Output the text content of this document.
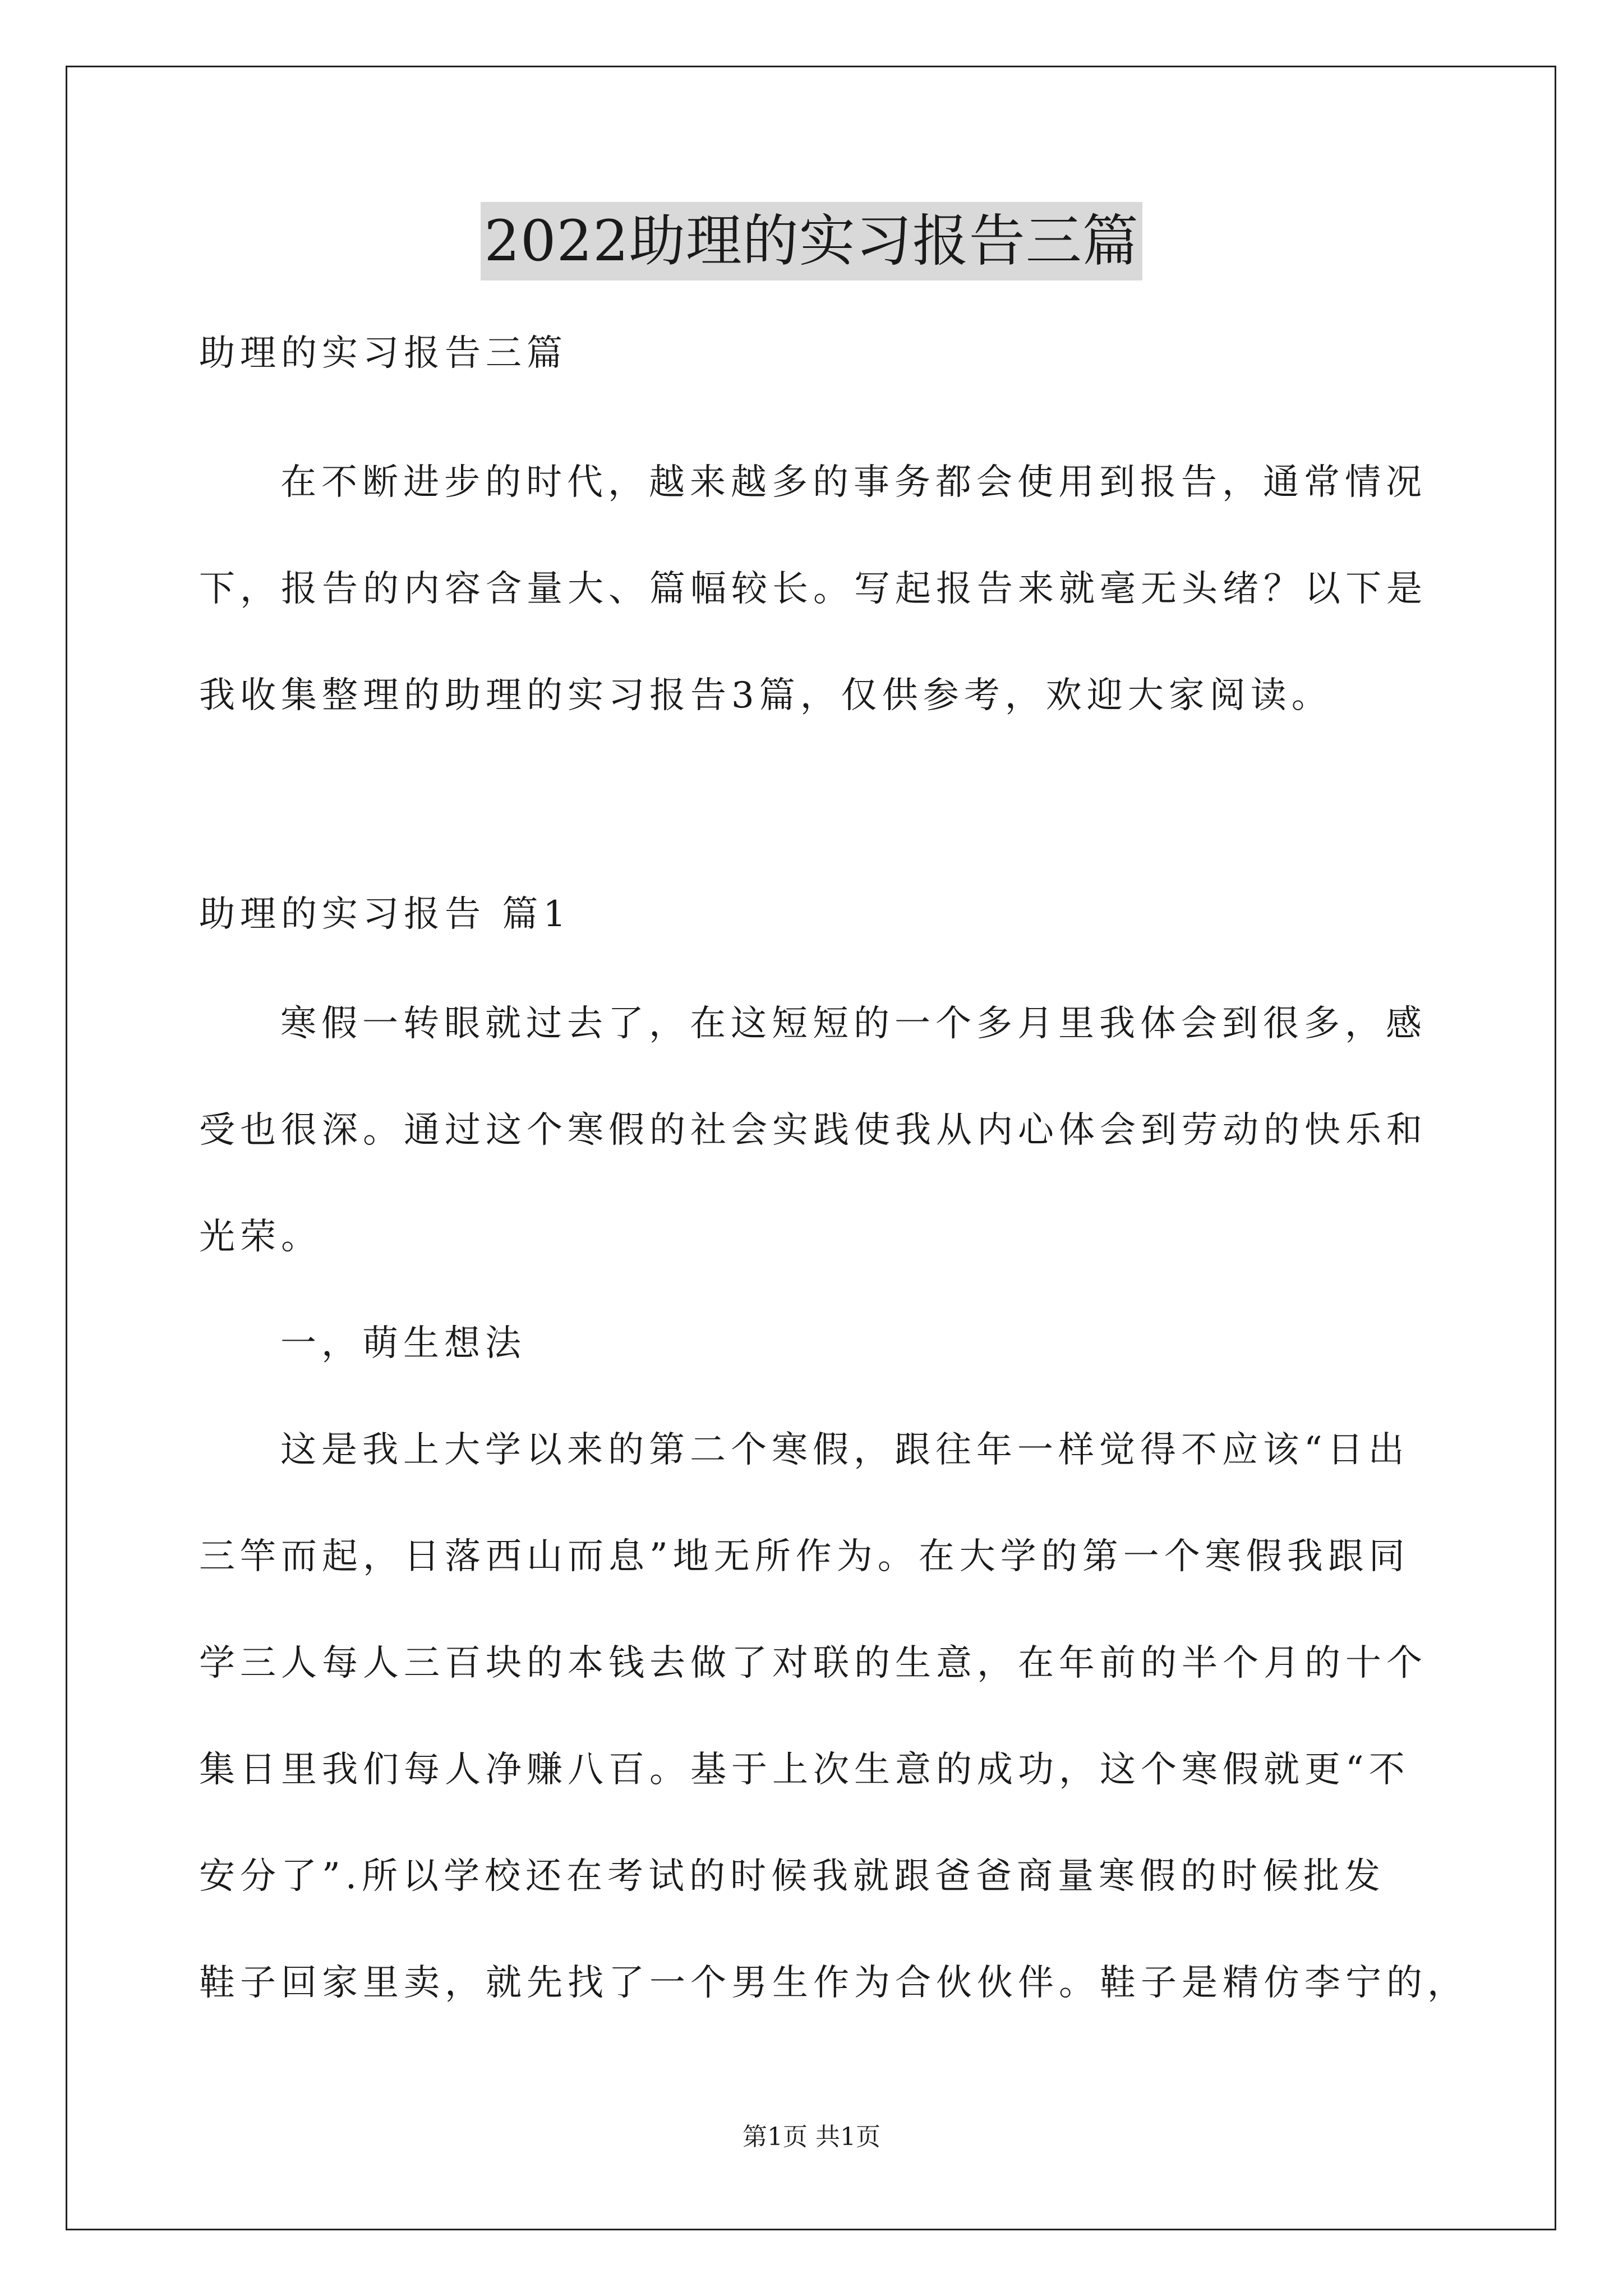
2022助理的实习报告三篇
助理的实习报告三篇
在不断进步的时代，越来越多的事务都会使用到报告，通常情况
下，报告的内容含量大、篇幅较长。写起报告来就毫无头绪？以下是
我收集整理的助理的实习报告3篇，仅供参考，欢迎大家阅读。
助理的实习报告 篇1
寒假一转眼就过去了，在这短短的一个多月里我体会到很多，感
受也很深。通过这个寒假的社会实践使我从内心体会到劳动的快乐和
光荣。
一，萌生想法
这是我上大学以来的第二个寒假，跟往年一样觉得不应该“日出
三竿而起，日落西山而息”地无所作为。在大学的第一个寒假我跟同
学三人每人三百块的本钱去做了对联的生意，在年前的半个月的十个
集日里我们每人净赚八百。基于上次生意的成功，这个寒假就更“不
安分了”.所以学校还在考试的时候我就跟爸爸商量寒假的时候批发
鞋子回家里卖，就先找了一个男生作为合伙伙伴。鞋子是精仿李宁的，
第1页 共1页
